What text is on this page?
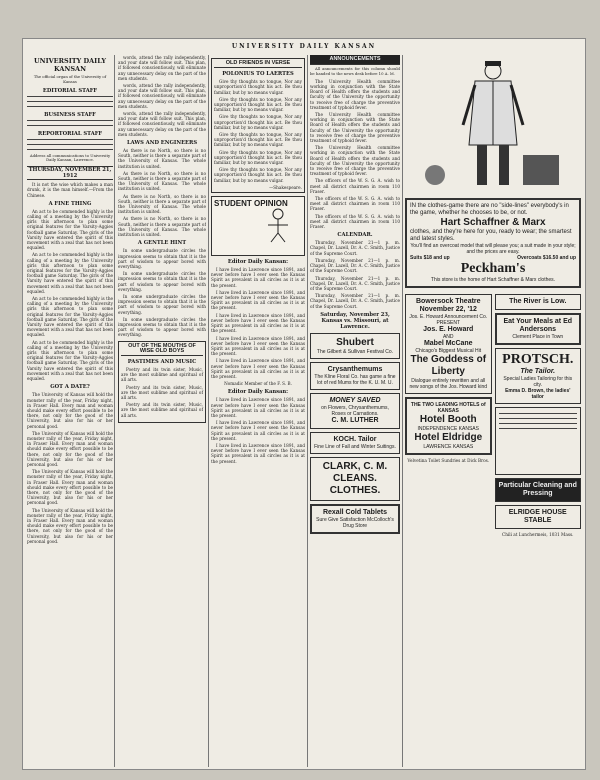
UNIVERSITY DAILY KANSAN
UNIVERSITY DAILY KANSAN
The official organ of the University of Kansas
EDITORIAL STAFF
BUSINESS STAFF
REPORTORIAL STAFF
Address all communications to University Daily Kansan, Lawrence.
THURSDAY, NOVEMBER 21, 1912

It is not the wise which makes a man drunk, it is the man himself.—From the Chinese.

A FINE THING

An act to be commended highly is the calling of a meeting by the University girls this afternoon to plan some original features for the Varsity-Aggies football game Saturday. The girls of the Varsity have entered the spirit of this movement with a zeal that has not been equaled.

An act to be commended highly is the calling of a meeting by the University girls this afternoon to plan some original features for the Varsity-Aggies football game Saturday. The girls of the Varsity have entered the spirit of this movement with a zeal that has not been equaled.

An act to be commended highly is the calling of a meeting by the University girls this afternoon to plan some original features for the Varsity-Aggies football game Saturday. The girls of the Varsity have entered the spirit of this movement with a zeal that has not been equaled.

An act to be commended highly is the calling of a meeting by the University girls this afternoon to plan some original features for the Varsity-Aggies football game Saturday. The girls of the Varsity have entered the spirit of this movement with a zeal that has not been equaled.

GOT A DATE?

The University of Kansas will hold the monster rally of the year, Friday night, in Fraser Hall. Every man and woman should make every effort possible to be there, not only for the good of the University, but also for his or her personal good.

The University of Kansas will hold the monster rally of the year, Friday night, in Fraser Hall. Every man and woman should make every effort possible to be there, not only for the good of the University, but also for his or her personal good.

The University of Kansas will hold the monster rally of the year, Friday night, in Fraser Hall. Every man and woman should make every effort possible to be there, not only for the good of the University, but also for his or her personal good.

The University of Kansas will hold the monster rally of the year, Friday night, in Fraser Hall. Every man and woman should make every effort possible to be there, not only for the good of the University, but also for his or her personal good.

words, attend the rally independently, and your date will follow suit. This plan, if followed conscientiously, will eliminate any unnecessary delay on the part of the men students.

words, attend the rally independently, and your date will follow suit. This plan, if followed conscientiously, will eliminate any unnecessary delay on the part of the men students.

words, attend the rally independently, and your date will follow suit. This plan, if followed conscientiously, will eliminate any unnecessary delay on the part of the men students.

LAWS AND ENGINEERS

As there is no North, so there is no South, neither is there a separate part of the University of Kansas. The whole institution is united.

As there is no North, so there is no South, neither is there a separate part of the University of Kansas. The whole institution is united.

As there is no North, so there is no South, neither is there a separate part of the University of Kansas. The whole institution is united.

As there is no North, so there is no South, neither is there a separate part of the University of Kansas. The whole institution is united.

A GENTLE HINT

In some undergraduate circles the impression seems to obtain that it is the part of wisdom to appear bored with everything.

In some undergraduate circles the impression seems to obtain that it is the part of wisdom to appear bored with everything.

In some undergraduate circles the impression seems to obtain that it is the part of wisdom to appear bored with everything.

In some undergraduate circles the impression seems to obtain that it is the part of wisdom to appear bored with everything.

OUT OF THE MOUTHS OF WISE OLD BOYS
PASTIMES AND MUSIC

Poetry and its twin sister, Music, are the most sublime and spiritual of all arts.

Poetry and its twin sister, Music, are the most sublime and spiritual of all arts.

Poetry and its twin sister, Music, are the most sublime and spiritual of all arts.

OLD FRIENDS IN VERSE
POLONIUS TO LAERTES

Give thy thoughts no tongue, Nor any unproportion'd thought his act. Be thou familiar, but by no means vulgar.

Give thy thoughts no tongue, Nor any unproportion'd thought his act. Be thou familiar, but by no means vulgar.

Give thy thoughts no tongue, Nor any unproportion'd thought his act. Be thou familiar, but by no means vulgar.

Give thy thoughts no tongue, Nor any unproportion'd thought his act. Be thou familiar, but by no means vulgar.

Give thy thoughts no tongue, Nor any unproportion'd thought his act. Be thou familiar, but by no means vulgar.

Give thy thoughts no tongue, Nor any unproportion'd thought his act. Be thou familiar, but by no means vulgar.

—Shakespeare.
STUDENT OPINION
Editor Daily Kansan:

I have lived in Lawrence since 1891, and never before have I ever seen the Kansas Spirit as prevalent in all circles as it is at the present.

I have lived in Lawrence since 1891, and never before have I ever seen the Kansas Spirit as prevalent in all circles as it is at the present.

I have lived in Lawrence since 1891, and never before have I ever seen the Kansas Spirit as prevalent in all circles as it is at the present.

I have lived in Lawrence since 1891, and never before have I ever seen the Kansas Spirit as prevalent in all circles as it is at the present.

I have lived in Lawrence since 1891, and never before have I ever seen the Kansas Spirit as prevalent in all circles as it is at the present.

Nomadic Member of the F. S. B.
Editor Daily Kansan:

I have lived in Lawrence since 1891, and never before have I ever seen the Kansas Spirit as prevalent in all circles as it is at the present.

I have lived in Lawrence since 1891, and never before have I ever seen the Kansas Spirit as prevalent in all circles as it is at the present.

I have lived in Lawrence since 1891, and never before have I ever seen the Kansas Spirit as prevalent in all circles as it is at the present.

ANNOUNCEMENTS

All announcements for this column should be handed to the news desk before 10 A. M.

The University Health committee working in conjunction with the State Board of Health offers the students and faculty of the University the opportunity to receive free of charge the preventive treatment of typhoid fever.

The University Health committee working in conjunction with the State Board of Health offers the students and faculty of the University the opportunity to receive free of charge the preventive treatment of typhoid fever.

The University Health committee working in conjunction with the State Board of Health offers the students and faculty of the University the opportunity to receive free of charge the preventive treatment of typhoid fever.

The officers of the W. S. G. A. wish to meet all district chairmen in room 110 Fraser.

The officers of the W. S. G. A. wish to meet all district chairmen in room 110 Fraser.

The officers of the W. S. G. A. wish to meet all district chairmen in room 110 Fraser.

CALENDAR.

Thursday, November 21—1 p. m. Chapel, Dr. Lazell, Dr. A. C. Smith, Justice of the Supreme Court.

Thursday, November 21—1 p. m. Chapel, Dr. Lazell, Dr. A. C. Smith, Justice of the Supreme Court.

Thursday, November 21—1 p. m. Chapel, Dr. Lazell, Dr. A. C. Smith, Justice of the Supreme Court.

Thursday, November 21—1 p. m. Chapel, Dr. Lazell, Dr. A. C. Smith, Justice of the Supreme Court.

Saturday, November 23, Kansas vs. Missouri, at Lawrence.
Shubert
The Gilbert & Sullivan Festival Co.
Crysanthemums
The Kline Floral Co. has game a fine lot of red Mums for the K. U. M. U.
MONEY SAVED
on Flowers, Chrysanthemums, Roses or Carnations.
C. M. LUTHER
KOCH. Tailor
Fine Line of Fall and Winter Suitings.
CLARK, C. M. CLEANS. CLOTHES.
Rexall Cold Tablets
Sure Give Satisfaction McColloch's Drug Store
IN the clothes-game there are no "side-lines" everybody's in the game, whether he chooses to be, or not.
Hart Schaffner & Marx
clothes, and they're here for you, ready to wear; the smartest and latest styles.
You'll find an overcoat model that will please you; a suit made in your style; and the prices are easy.
Suits $18 and up	Overcoats $16.50 and up
Peckham's
This store is the home of Hart Schaffner & Marx clothes.
Bowersock Theatre
November 22, '12
Jos. E. Howard Announcement Co.
PRESENT
Jos. E. Howard
AND
Mabel McCane
Chicago's Biggest Musical Hit
The Goddess of Liberty
Dialogue entirely rewritten and all new songs of the Jos. Howard kind
THE TWO LEADING HOTELS of KANSAS
Hotel Booth
INDEPENDENCE KANSAS
Hotel Eldridge
LAWRENCE KANSAS
Velvetina Toilet Sundries at Dick Bros.
The River is Low.
Eat Your Meals at Ed Andersons
Clement Place in Town
PROTSCH.
The Tailor.
Special Ladies Tailoring for this city.
Emma D. Brown, the ladies' tailor
Particular Cleaning and Pressing
ELRIDGE HOUSE STABLE
Chili at Lunchermeis, 1031 Mass.
